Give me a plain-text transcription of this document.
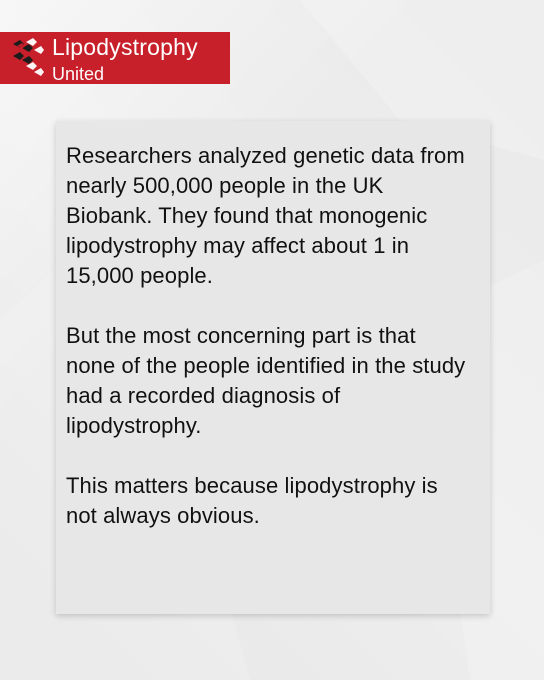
Lipodystrophy
United

Researchers analyzed genetic data from nearly 500,000 people in the UK Biobank. They found that monogenic lipodystrophy may affect about 1 in 15,000 people.

But the most concerning part is that none of the people identified in the study had a recorded diagnosis of lipodystrophy.

This matters because lipodystrophy is not always obvious.
